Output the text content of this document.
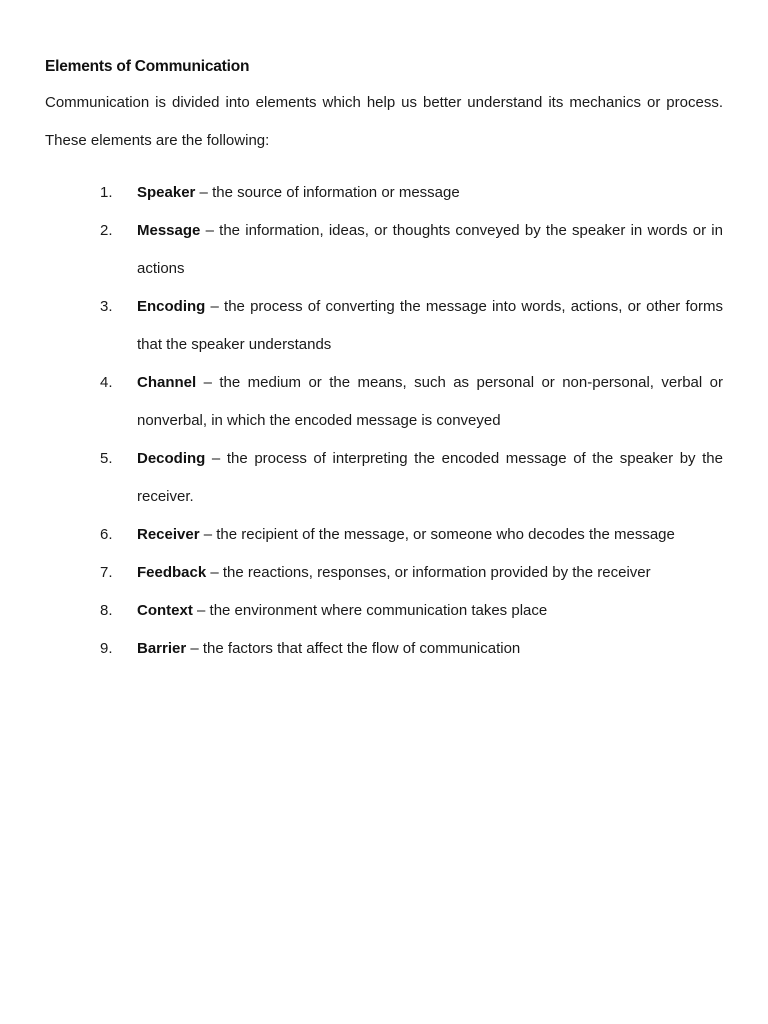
Elements of Communication

Communication is divided into elements which help us better understand its mechanics or process. These elements are the following:

1.	Speaker – the source of information or message
2.	Message – the information, ideas, or thoughts conveyed by the speaker in words or in actions
3.	Encoding – the process of converting the message into words, actions, or other forms that the speaker understands
4.	Channel – the medium or the means, such as personal or non-personal, verbal or nonverbal, in which the encoded message is conveyed
5.	Decoding – the process of interpreting the encoded message of the speaker by the receiver.
6.	Receiver – the recipient of the message, or someone who decodes the message
7.	Feedback – the reactions, responses, or information provided by the receiver
8.	Context – the environment where communication takes place
9.	Barrier – the factors that affect the flow of communication
